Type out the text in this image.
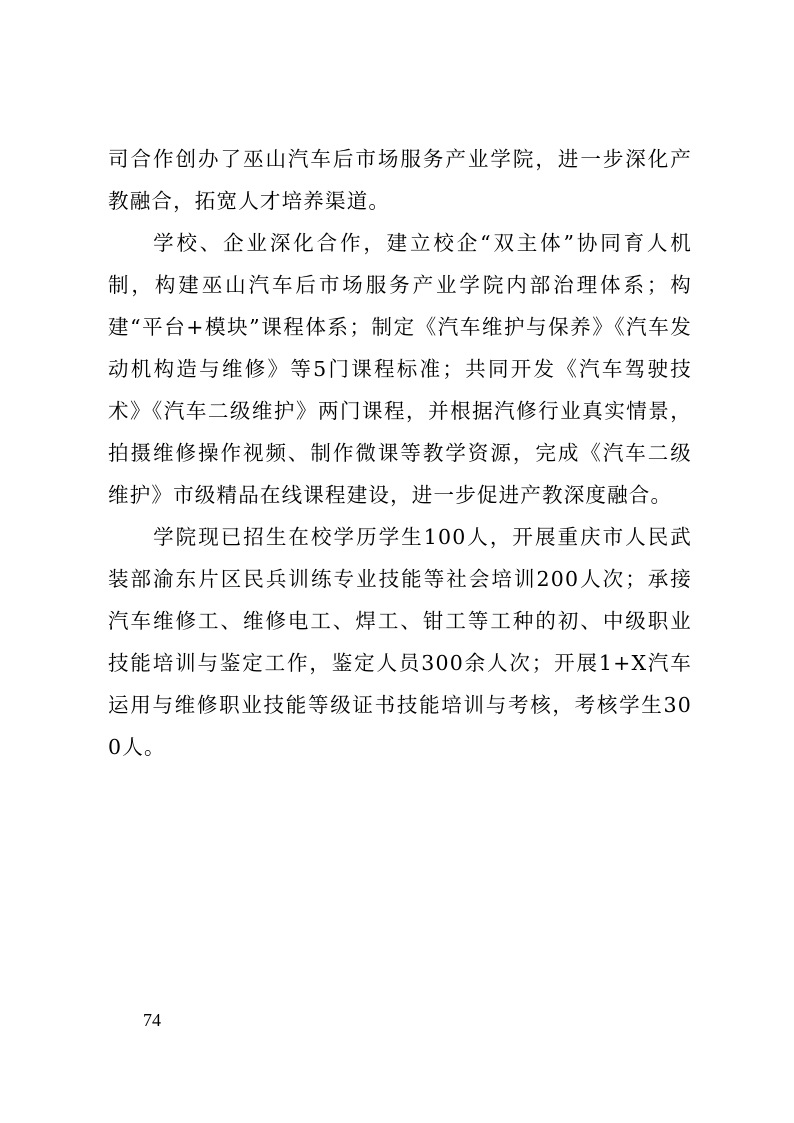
司合作创办了巫山汽车后市场服务产业学院，进一步深化产教融合，拓宽人才培养渠道。

学校、企业深化合作，建立校企“双主体”协同育人机制，构建巫山汽车后市场服务产业学院内部治理体系；构建“平台+模块”课程体系；制定《汽车维护与保养》《汽车发动机构造与维修》等5门课程标准；共同开发《汽车驾驶技术》《汽车二级维护》两门课程，并根据汽修行业真实情景，拍摄维修操作视频、制作微课等教学资源，完成《汽车二级维护》市级精品在线课程建设，进一步促进产教深度融合。

学院现已招生在校学历学生100人，开展重庆市人民武装部渝东片区民兵训练专业技能等社会培训200人次；承接汽车维修工、维修电工、焊工、钳工等工种的初、中级职业技能培训与鉴定工作，鉴定人员300余人次；开展1+X汽车运用与维修职业技能等级证书技能培训与考核，考核学生300人。

74
